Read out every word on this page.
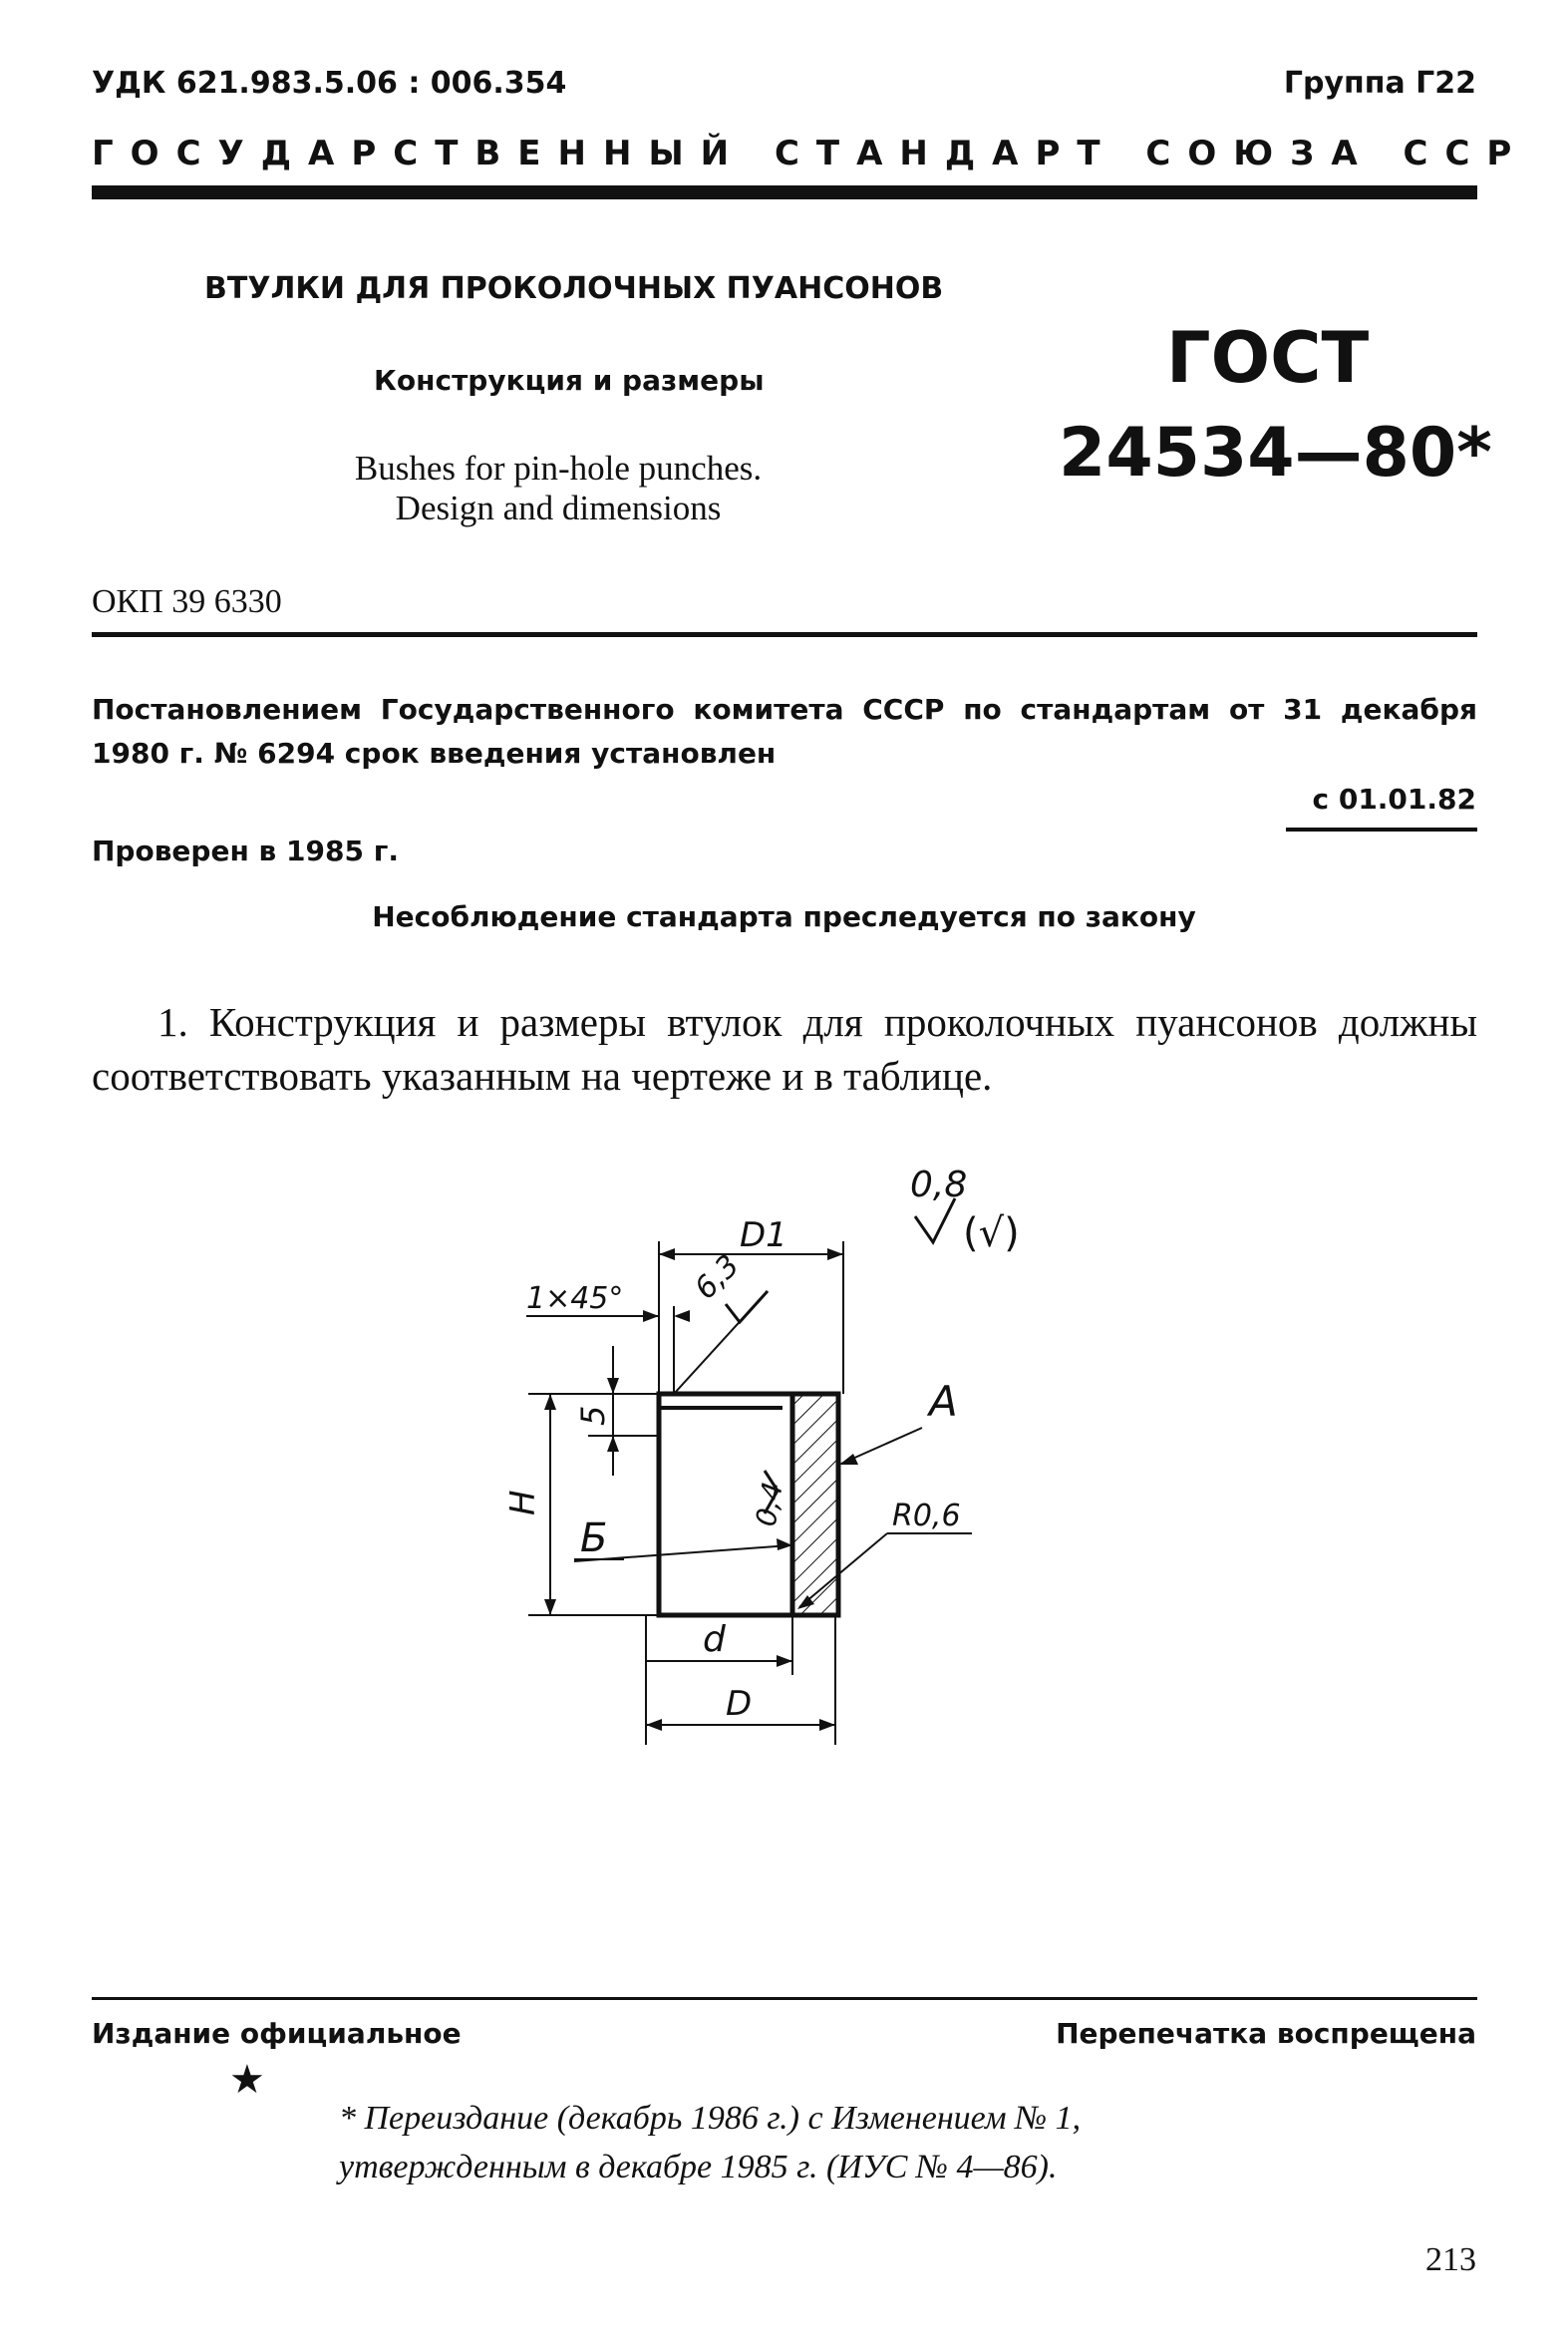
УДК 621.983.5.06 : 006.354	Группа Г22
ГОСУДАРСТВЕННЫЙ СТАНДАРТ СОЮЗА ССР
ВТУЛКИ ДЛЯ ПРОКОЛОЧНЫХ ПУАНСОНОВ
Конструкция и размеры
Bushes for pin-hole punches.
Design and dimensions
ГОСТ
24534—80*
ОКП 39 6330
Постановлением Государственного комитета СССР по стандартам от 31 декабря 1980 г. № 6294 срок введения установлен
с 01.01.82
Проверен в 1985 г.
Несоблюдение стандарта преследуется по закону
1. Конструкция и размеры втулок для проколочных пуансонов должны соответствовать указанным на чертеже и в таблице.
0,8
(√)
D1
1×45° 6,3
5
H
Б
0,4
A
R0,6
d
D
Издание официальное	Перепечатка воспрещена
★
* Переиздание (декабрь 1986 г.) с Изменением № 1,
утвержденным в декабре 1985 г. (ИУС № 4—86).
213
